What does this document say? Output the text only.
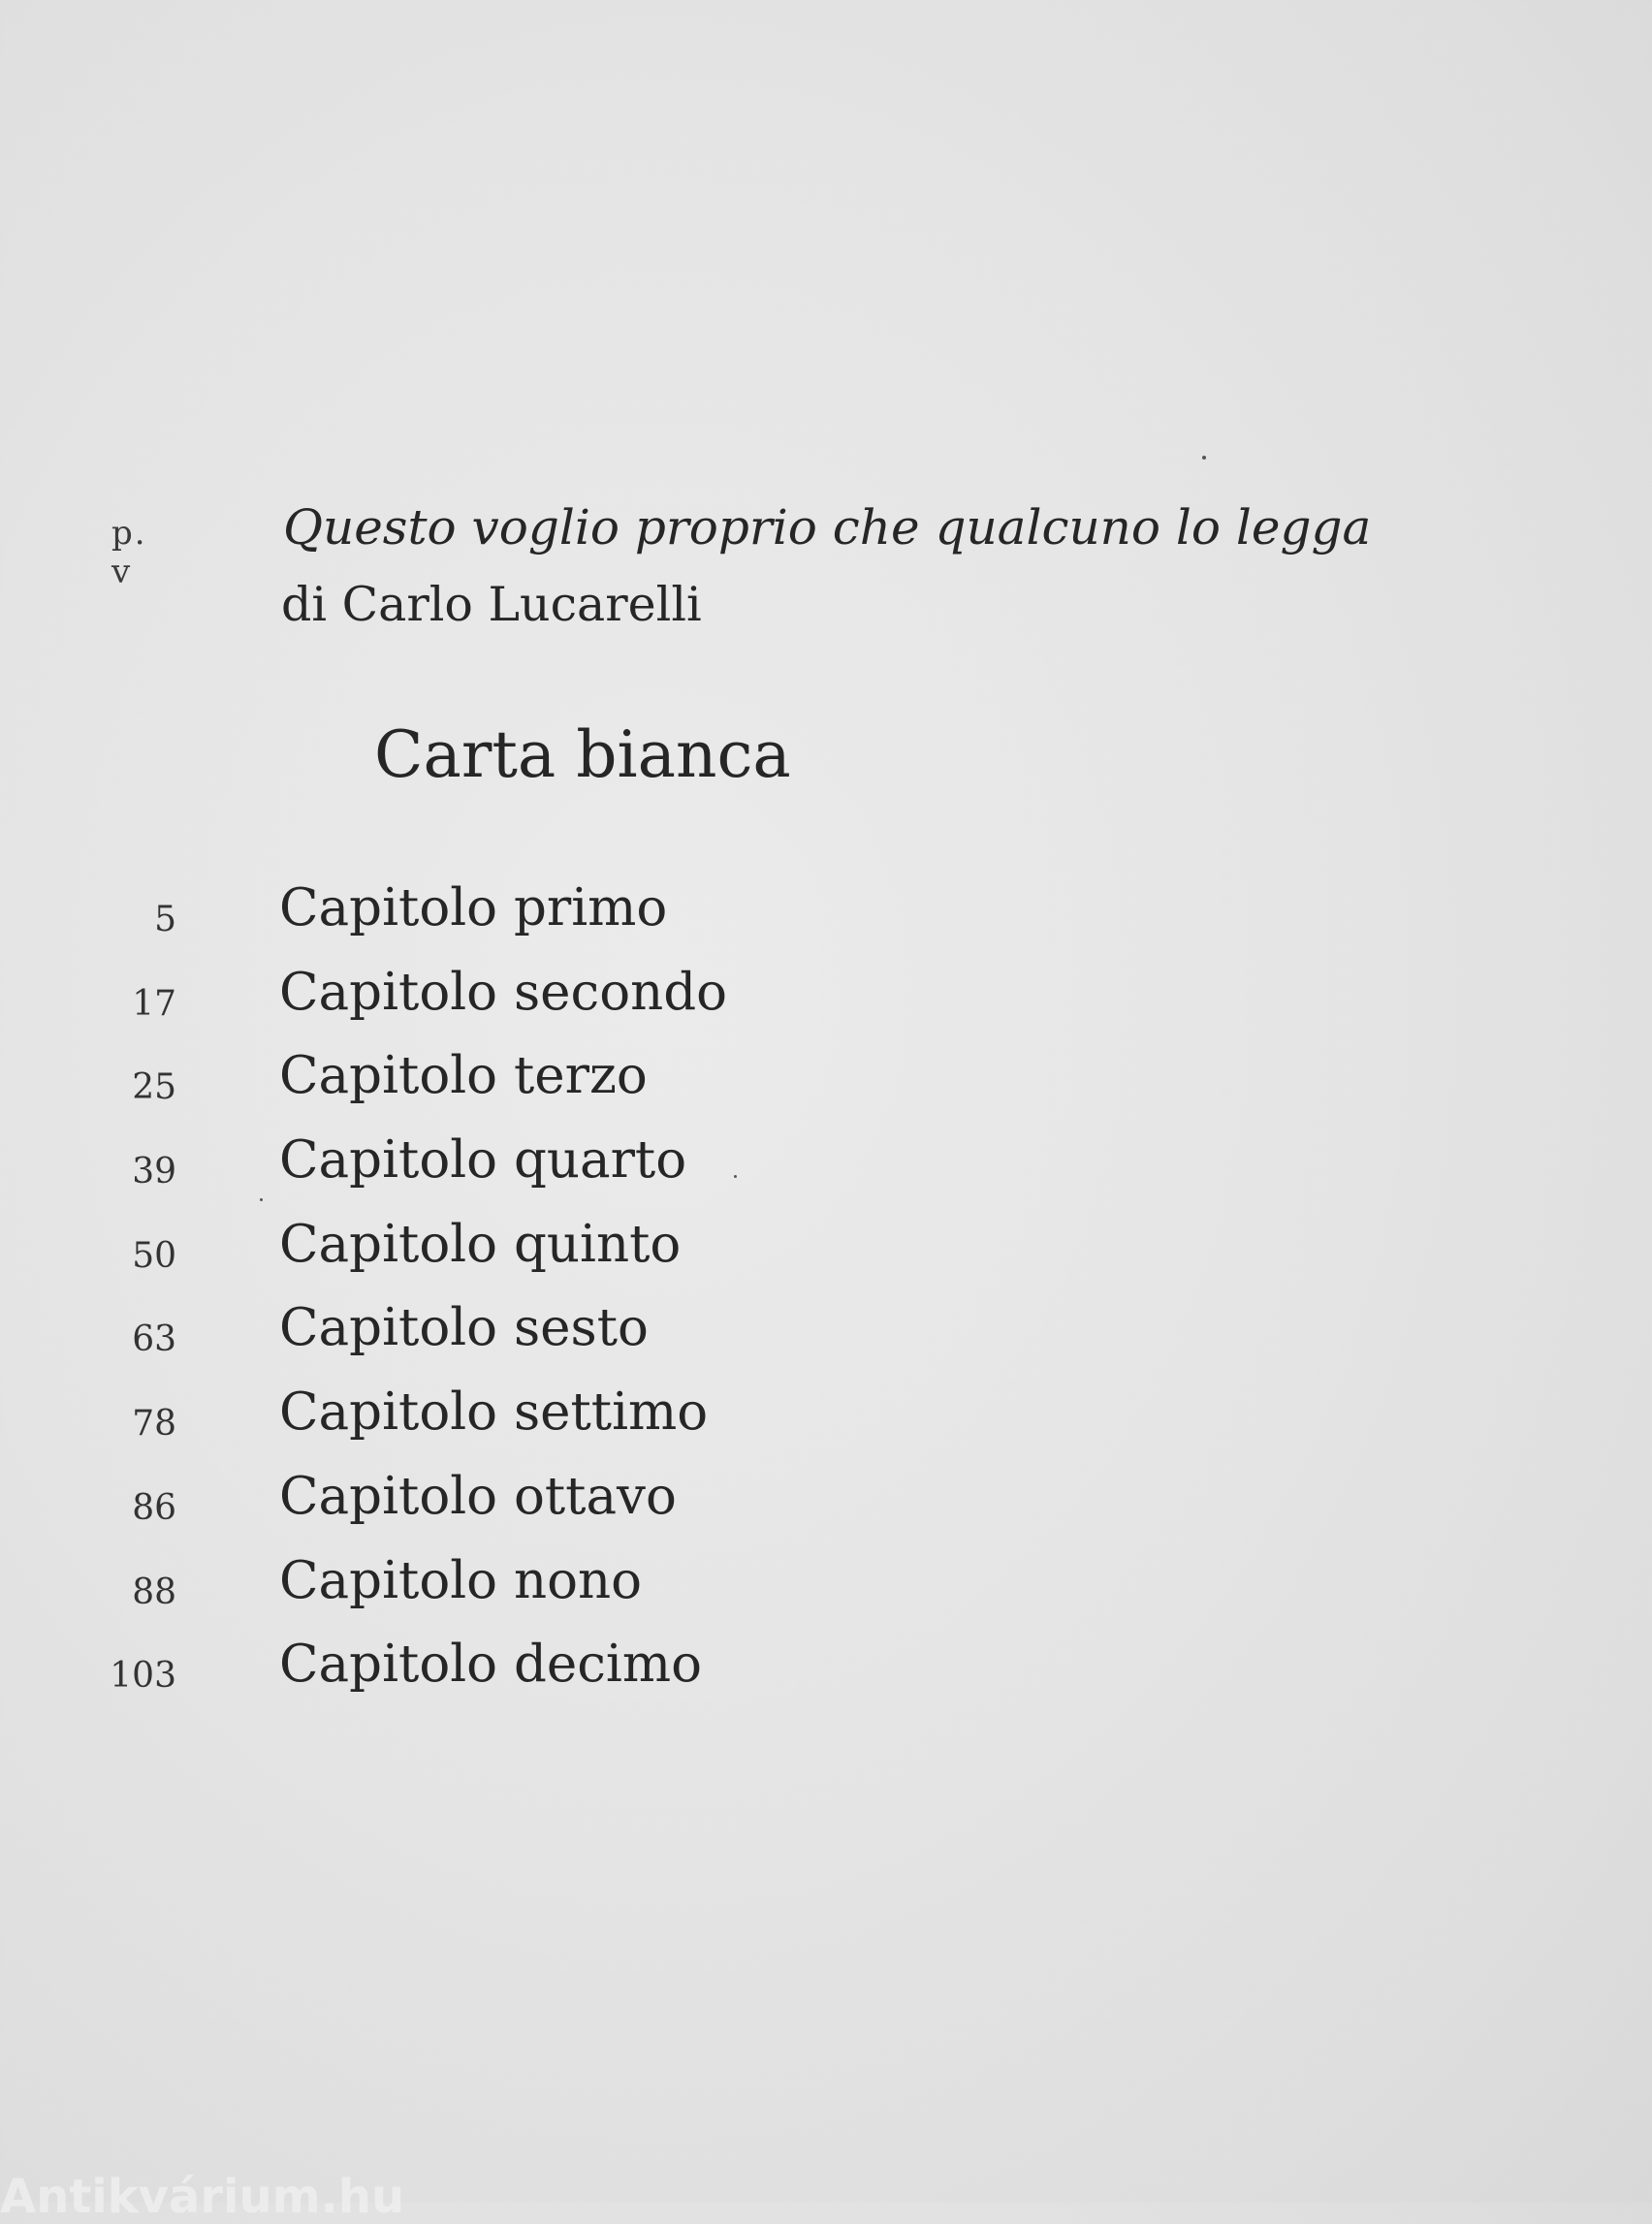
p. v
Questo voglio proprio che qualcuno lo legga
di Carlo Lucarelli
Carta bianca
5 Capitolo primo
17 Capitolo secondo
25 Capitolo terzo
39 Capitolo quarto
50 Capitolo quinto
63 Capitolo sesto
78 Capitolo settimo
86 Capitolo ottavo
88 Capitolo nono
103 Capitolo decimo
Antikvárium.hu
